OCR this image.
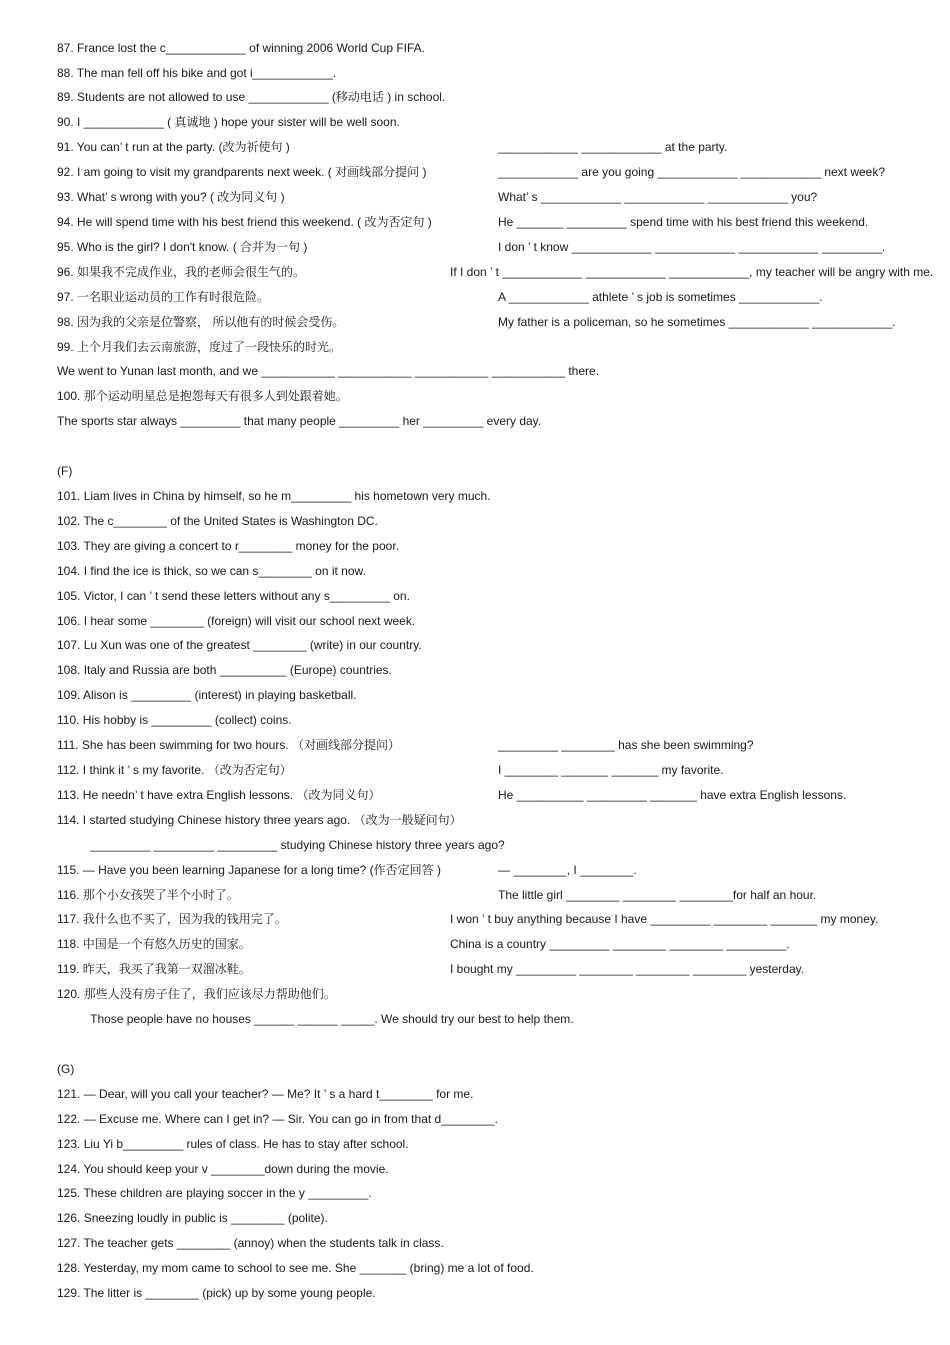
87. France lost the c____________ of winning 2006 World Cup FIFA.
88. The man fell off his bike and got i____________.
89. Students are not allowed to use ____________ (移动电话 ) in school.
90. I ____________ ( 真诚地 ) hope your sister will be well soon.
91. You can’ t run at the party. (改为祈使句 )	____________ ____________ at the party.
92. I am going to visit my grandparents next week. ( 对画线部分提问 )	____________ are you going ____________ ____________ next week?
93. What’ s wrong with you? ( 改为同义句 )	What’ s ____________ ____________ ____________ you?
94. He will spend time with his best friend this weekend. ( 改为否定句 )	He _______ _________ spend time with his best friend this weekend.
95. Who is the girl? I don't know. ( 合并为一句 )	I don ’ t know ____________ ____________ ____________ _________.
96. 如果我不完成作业，我的老师会很生气的。	If I don ’ t ____________ ____________ ____________, my teacher will be angry with me.
97. 一名职业运动员的工作有时很危险。	A ____________ athlete ’ s job is sometimes ____________.
98. 因为我的父亲是位警察， 所以他有的时候会受伤。	My father is a policeman, so he sometimes ____________ ____________.
99. 上个月我们去云南旅游，度过了一段快乐的时光。
We went to Yunan last month, and we ___________ ___________ ___________ ___________ there.
100. 那个运动明星总是抱怨每天有很多人到处跟着她。
The sports star always _________ that many people _________ her _________ every day.
(F)
101. Liam lives in China by himself, so he m_________ his hometown very much.
102. The c________ of the United States is Washington DC.
103. They are giving a concert to r________ money for the poor.
104. I find the ice is thick, so we can s________ on it now.
105. Victor, I can ’ t send these letters without any s_________ on.
106. I hear some ________ (foreign) will visit our school next week.
107. Lu Xun was one of the greatest ________ (write) in our country.
108. Italy and Russia are both __________ (Europe) countries.
109. Alison is _________ (interest) in playing basketball.
110. His hobby is _________ (collect) coins.
111. She has been swimming for two hours. （对画线部分提问）	_________ ________ has she been swimming?
112. I think it ’ s my favorite. （改为否定句）	I ________ _______ _______ my favorite.
113. He needn’ t have extra English lessons. （改为同义句）	He __________ _________ _______ have extra English lessons.
114. I started studying Chinese history three years ago. （改为一般疑问句）
_________ _________ _________ studying Chinese history three years ago?
115. — Have you been learning Japanese for a long time? (作否定回答 )	— ________, I ________.
116. 那个小女孩哭了半个小时了。	The little girl ________ ________ ________for half an hour.
117. 我什么也不买了，因为我的钱用完了。	I won ’ t buy anything because I have _________ ________ _______ my money.
118. 中国是一个有悠久历史的国家。	China is a country _________ ________ ________ _________.
119. 昨天，我买了我第一双溜冰鞋。	I bought my _________ ________ ________ ________ yesterday.
120. 那些人没有房子住了，我们应该尽力帮助他们。
Those people have no houses ______ ______ _____. We should try our best to help them.
(G)
121. — Dear, will you call your teacher? — Me? It ’ s a hard t________ for me.
122. — Excuse me. Where can I get in? — Sir. You can go in from that d________.
123. Liu Yi b_________ rules of class. He has to stay after school.
124. You should keep your v ________down during the movie.
125. These children are playing soccer in the y _________.
126. Sneezing loudly in public is ________ (polite).
127. The teacher gets ________ (annoy) when the students talk in class.
128. Yesterday, my mom came to school to see me. She _______ (bring) me a lot of food.
129. The litter is ________ (pick) up by some young people.
